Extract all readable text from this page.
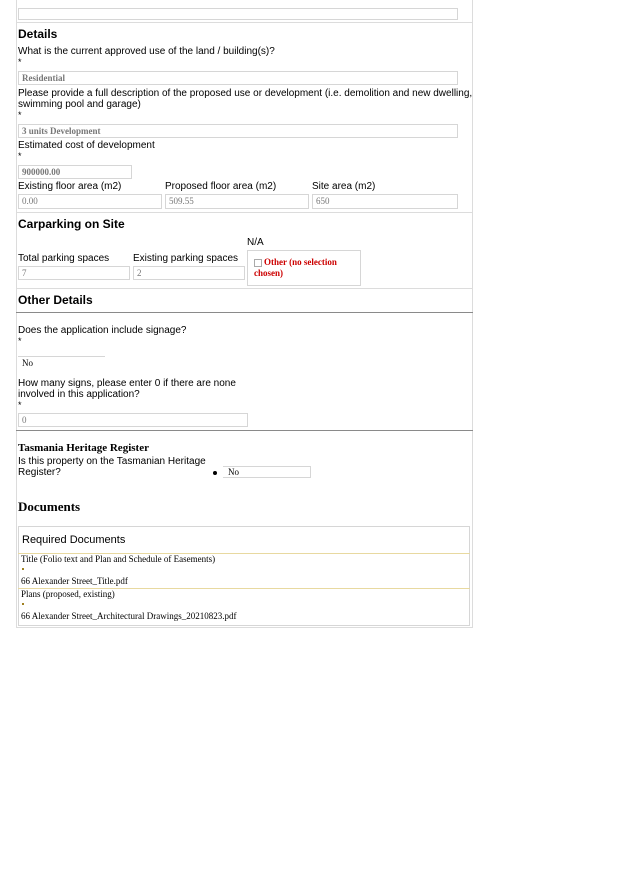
Details
What is the current approved use of the land / building(s)?
*
Residential
Please provide a full description of the proposed use or development (i.e. demolition and new dwelling,
swimming pool and garage)
*
3 units Development
Estimated cost of development
*
900000.00
Existing floor area (m2)
0.00
Proposed floor area (m2)
509.55
Site area (m2)
650
Carparking on Site
N/A
Total parking spaces
7
Existing parking spaces
2
Other (no selection
chosen)
Other Details
Does the application include signage?
*
No
How many signs, please enter 0 if there are none
involved in this application?
*
0
Tasmania Heritage Register
Is this property on the Tasmanian Heritage
Register?	No
Documents
Required Documents
Title (Folio text and Plan and Schedule of Easements)
66 Alexander Street_Title.pdf
Plans (proposed, existing)
66 Alexander Street_Architectural Drawings_20210823.pdf
